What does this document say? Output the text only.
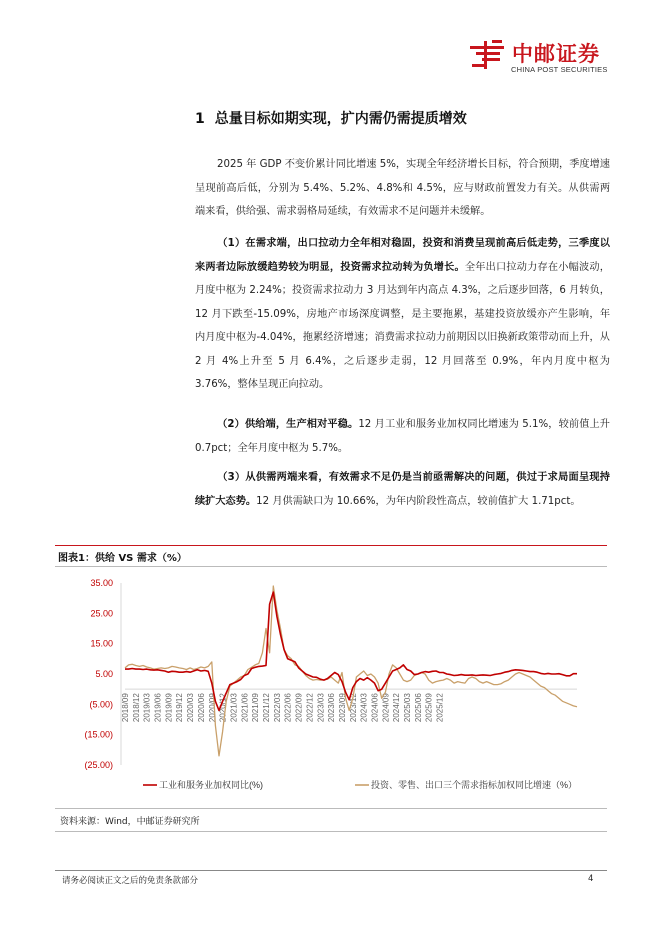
中邮证券
CHINA POST SECURITIES
1 总量目标如期实现，扩内需仍需提质增效
2025 年 GDP 不变价累计同比增速 5%，实现全年经济增长目标，符合预期，季度增速呈现前高后低，分别为 5.4%、5.2%、4.8%和 4.5%，应与财政前置发力有关。从供需两端来看，供给强、需求弱格局延续，有效需求不足问题并未缓解。
（1）在需求端，出口拉动力全年相对稳固，投资和消费呈现前高后低走势，三季度以来两者边际放缓趋势较为明显，投资需求拉动转为负增长。全年出口拉动力存在小幅波动，月度中枢为 2.24%；投资需求拉动力 3 月达到年内高点 4.3%，之后逐步回落，6 月转负，12 月下跌至-15.09%，房地产市场深度调整，是主要拖累，基建投资放缓亦产生影响，年内月度中枢为-4.04%，拖累经济增速；消费需求拉动力前期因以旧换新政策带动而上升，从 2 月 4%上升至 5 月 6.4%，之后逐步走弱，12 月回落至 0.9%，年内月度中枢为 3.76%，整体呈现正向拉动。
（2）供给端，生产相对平稳。12 月工业和服务业加权同比增速为 5.1%，较前值上升 0.7pct；全年月度中枢为 5.7%。
（3）从供需两端来看，有效需求不足仍是当前亟需解决的问题，供过于求局面呈现持续扩大态势。12 月供需缺口为 10.66%，为年内阶段性高点，较前值扩大 1.71pct。
图表1：供给 VS 需求（%）
35.00
25.00
15.00
5.00
(5.00)
(15.00)
(25.00)
2018/09 2018/12 2019/03 2019/06 2019/09 2019/12 2020/03 2020/06 2020/09 2020/12 2021/03 2021/06 2021/09 2021/12 2022/03 2022/06 2022/09 2022/12 2023/03 2023/06 2023/09 2023/12 2024/03 2024/06 2024/09 2024/12 2025/03 2025/06 2025/09 2025/12
工业和服务业加权同比(%)	投资、零售、出口三个需求指标加权同比增速（%）
资料来源：Wind，中邮证券研究所
请务必阅读正文之后的免责条款部分	4
